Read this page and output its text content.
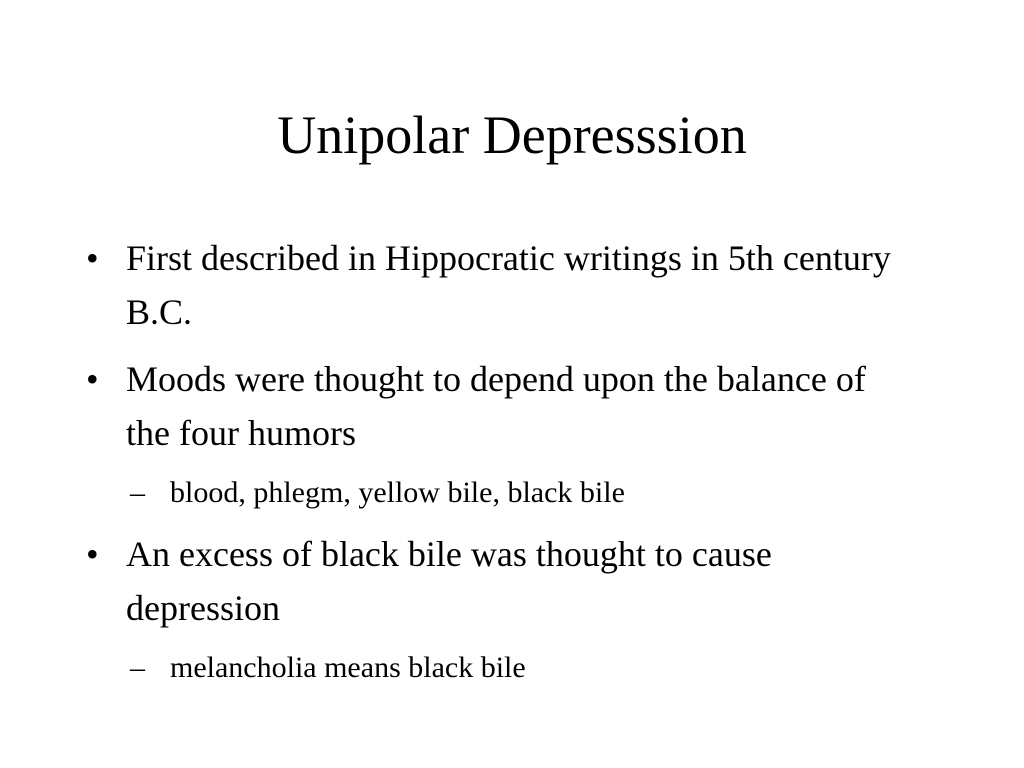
Unipolar Depresssion
• First described in Hippocratic writings in 5th century B.C.
• Moods were thought to depend upon the balance of the four humors
– blood, phlegm, yellow bile, black bile
• An excess of black bile was thought to cause depression
– melancholia means black bile
